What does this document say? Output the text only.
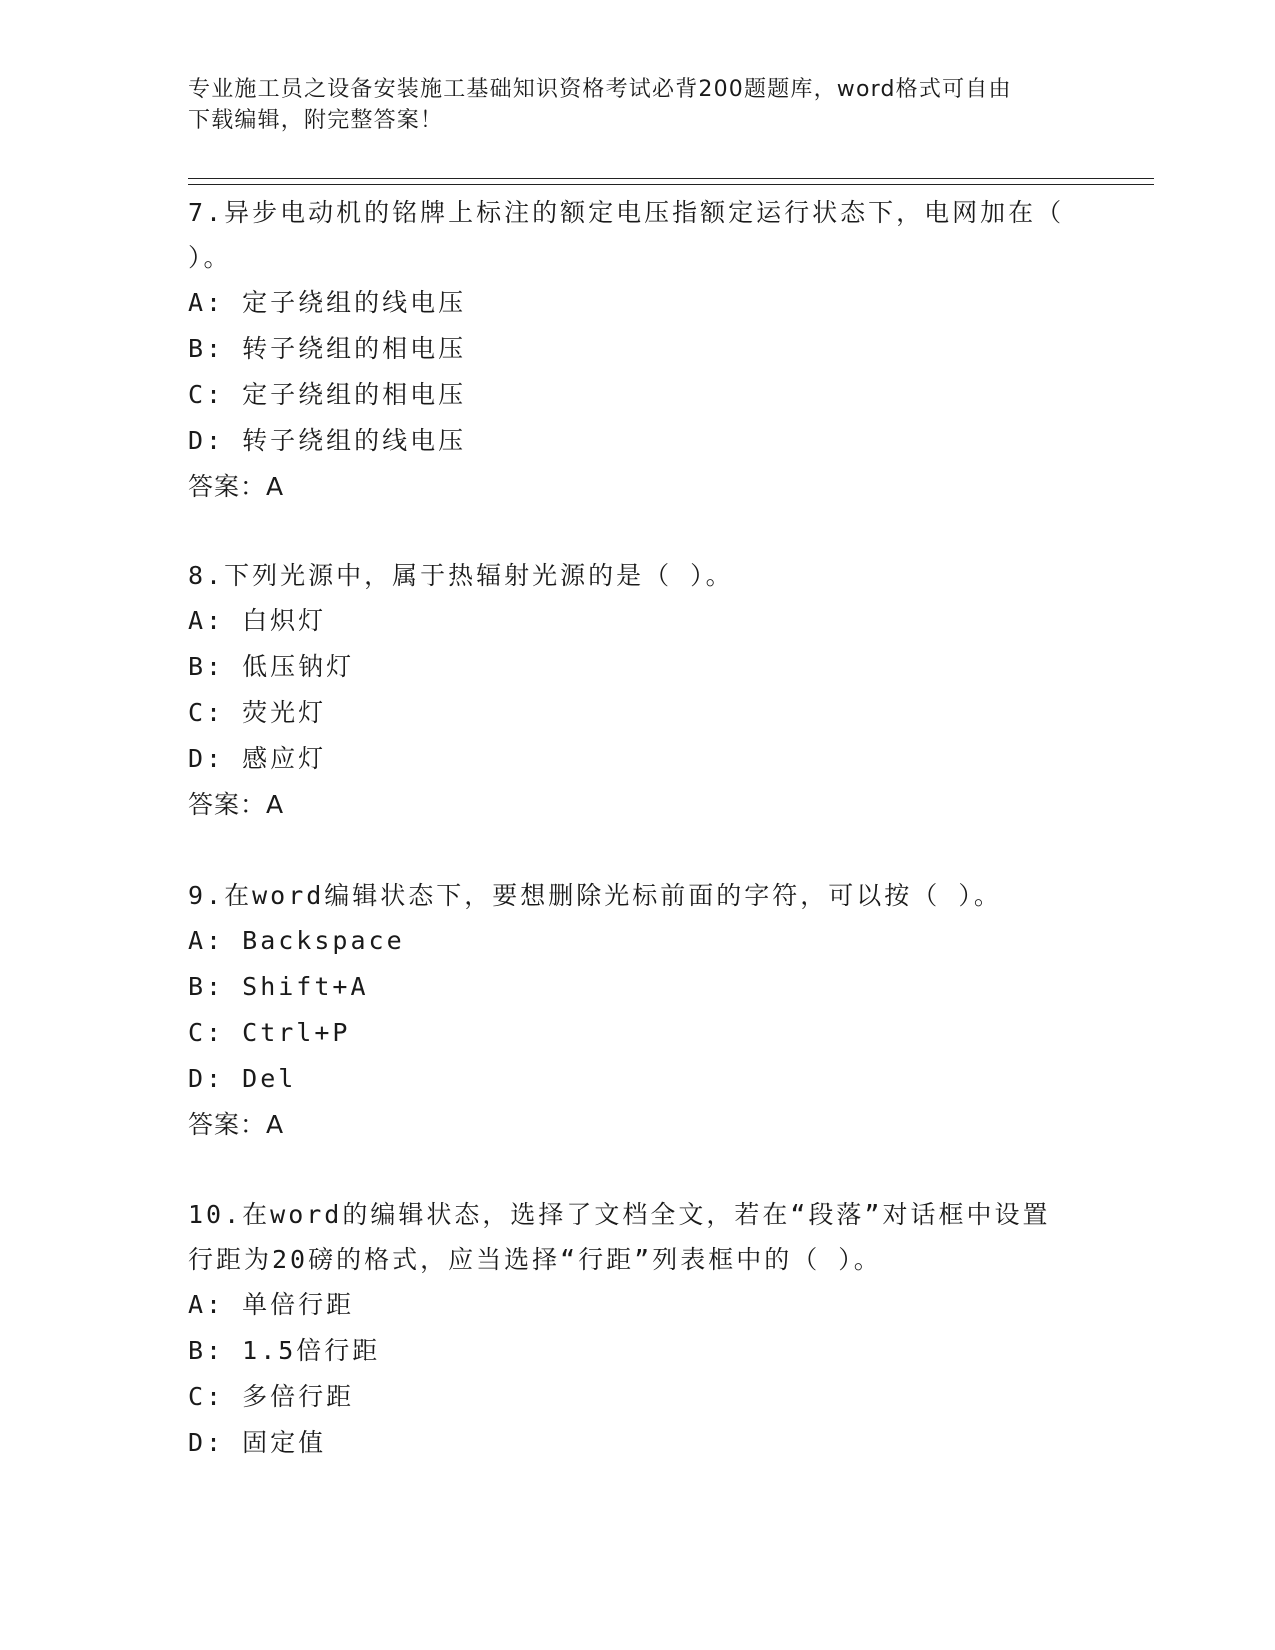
专业施工员之设备安装施工基础知识资格考试必背200题题库，word格式可自由
下载编辑，附完整答案！
7.异步电动机的铭牌上标注的额定电压指额定运行状态下，电网加在（ ）。
A: 定子绕组的线电压
B: 转子绕组的相电压
C: 定子绕组的相电压
D: 转子绕组的线电压
答案：A
8.下列光源中，属于热辐射光源的是（ ）。
A: 白炽灯
B: 低压钠灯
C: 荧光灯
D: 感应灯
答案：A
9.在word编辑状态下，要想删除光标前面的字符，可以按（ ）。
A: Backspace
B: Shift+A
C: Ctrl+P
D: Del
答案：A
10.在word的编辑状态，选择了文档全文，若在“段落”对话框中设置行距为20磅的格式，应当选择“行距”列表框中的（ ）。
A: 单倍行距
B: 1.5倍行距
C: 多倍行距
D: 固定值
